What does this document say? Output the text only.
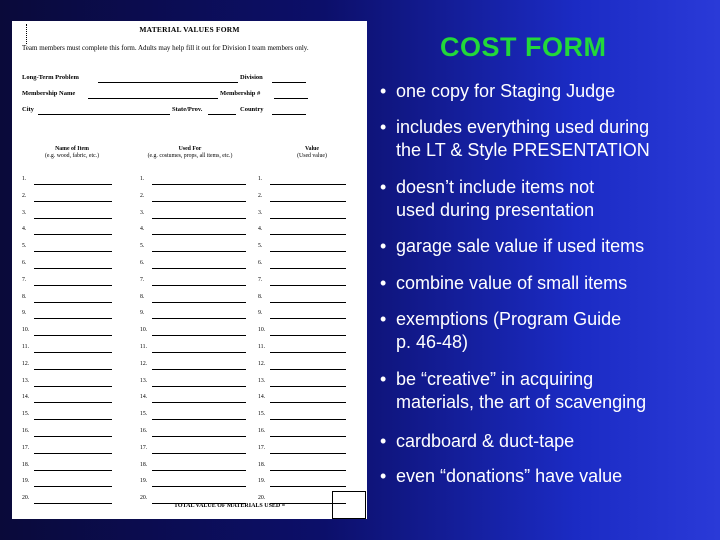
MATERIAL VALUES FORM
Team members must complete this form. Adults may help fill it out for Division I team members only.
Long-Term Problem	Division
Membership Name	Membership #
City	State/Prov.	Country
Name of Item
(e.g. wood, fabric, etc.)
Used For
(e.g. costumes, props, all items, etc.)
Value
(Used value)
1.	1.	1.
2.	2.	2.
3.	3.	3.
4.	4.	4.
5.	5.	5.
6.	6.	6.
7.	7.	7.
8.	8.	8.
9.	9.	9.
10.	10.	10.
11.	11.	11.
12.	12.	12.
13.	13.	13.
14.	14.	14.
15.	15.	15.
16.	16.	16.
17.	17.	17.
18.	18.	18.
19.	19.	19.
20.	20.	20.
TOTAL VALUE OF MATERIALS USED =
COST FORM
• one copy for Staging Judge
• includes everything used during
the LT & Style PRESENTATION
• doesn’t include items not
used during presentation
• garage sale value if used items
• combine value of small items
• exemptions (Program Guide
p. 46-48)
• be “creative” in acquiring
materials, the art of scavenging
• cardboard & duct-tape
• even “donations” have value
